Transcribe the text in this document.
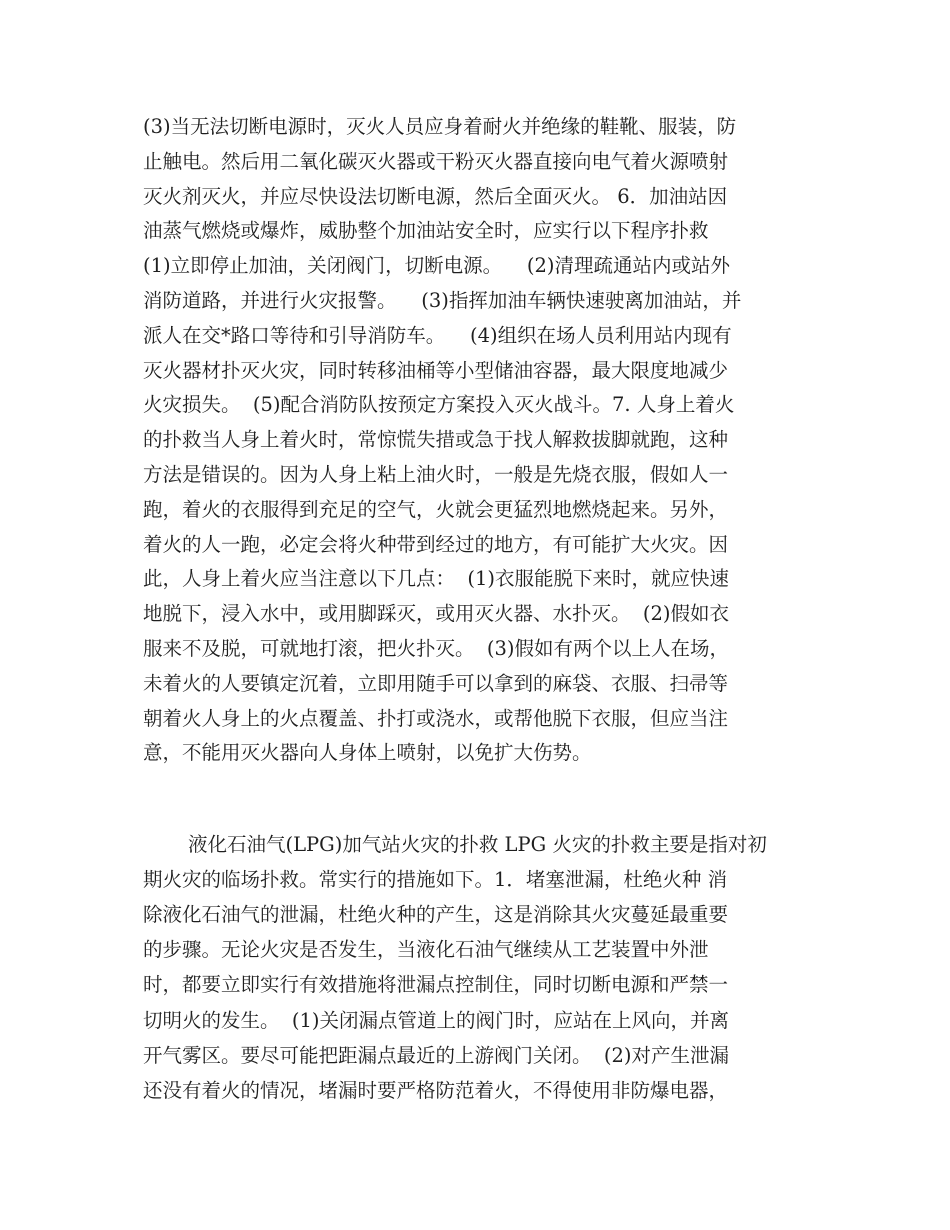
(3)当无法切断电源时，灭火人员应身着耐火并绝缘的鞋靴、服装，防
止触电。然后用二氧化碳灭火器或干粉灭火器直接向电气着火源喷射
灭火剂灭火，并应尽快设法切断电源，然后全面灭火。 6．加油站因
油蒸气燃烧或爆炸，威胁整个加油站安全时，应实行以下程序扑救
(1)立即停止加油，关闭阀门，切断电源。    (2)清理疏通站内或站外
消防道路，并进行火灾报警。    (3)指挥加油车辆快速驶离加油站，并
派人在交*路口等待和引导消防车。    (4)组织在场人员利用站内现有
灭火器材扑灭火灾，同时转移油桶等小型储油容器，最大限度地减少
火灾损失。  (5)配合消防队按预定方案投入灭火战斗。7. 人身上着火
的扑救当人身上着火时，常惊慌失措或急于找人解救拔脚就跑，这种
方法是错误的。因为人身上粘上油火时，一般是先烧衣服，假如人一
跑，着火的衣服得到充足的空气，火就会更猛烈地燃烧起来。另外，
着火的人一跑，必定会将火种带到经过的地方，有可能扩大火灾。因
此，人身上着火应当注意以下几点：  (1)衣服能脱下来时，就应快速
地脱下，浸入水中，或用脚踩灭，或用灭火器、水扑灭。  (2)假如衣
服来不及脱，可就地打滚，把火扑灭。  (3)假如有两个以上人在场，
未着火的人要镇定沉着，立即用随手可以拿到的麻袋、衣服、扫帚等
朝着火人身上的火点覆盖、扑打或浇水，或帮他脱下衣服，但应当注
意，不能用灭火器向人身体上喷射，以免扩大伤势。
液化石油气(LPG)加气站火灾的扑救 LPG 火灾的扑救主要是指对初
期火灾的临场扑救。常实行的措施如下。1．堵塞泄漏，杜绝火种 消
除液化石油气的泄漏，杜绝火种的产生，这是消除其火灾蔓延最重要
的步骤。无论火灾是否发生，当液化石油气继续从工艺装置中外泄
时，都要立即实行有效措施将泄漏点控制住，同时切断电源和严禁一
切明火的发生。  (1)关闭漏点管道上的阀门时，应站在上风向，并离
开气雾区。要尽可能把距漏点最近的上游阀门关闭。  (2)对产生泄漏
还没有着火的情况，堵漏时要严格防范着火，不得使用非防爆电器，
